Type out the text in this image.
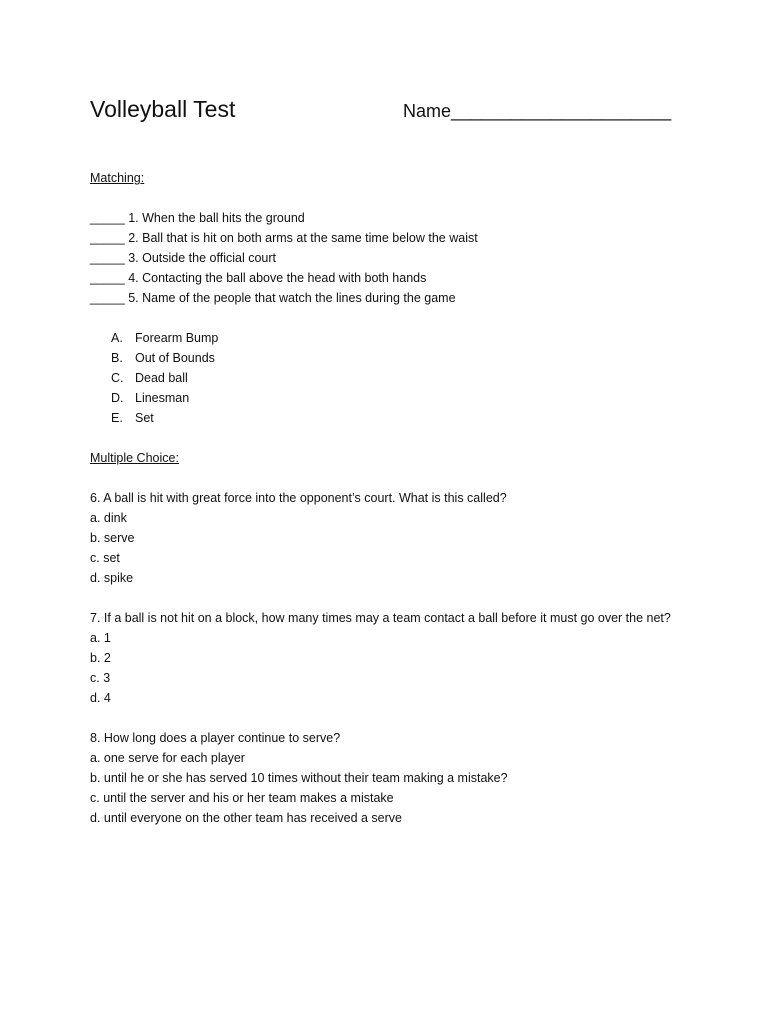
Volleyball Test	Name______________________
Matching:
_____ 1. When the ball hits the ground
_____ 2. Ball that is hit on both arms at the same time below the waist
_____ 3. Outside the official court
_____ 4. Contacting the ball above the head with both hands
_____ 5. Name of the people that watch the lines during the game
A. Forearm Bump
B. Out of Bounds
C. Dead ball
D. Linesman
E. Set
Multiple Choice:
6. A ball is hit with great force into the opponent’s court. What is this called?
a. dink
b. serve
c. set
d. spike
7. If a ball is not hit on a block, how many times may a team contact a ball before it must go over the net?
a. 1
b. 2
c. 3
d. 4
8. How long does a player continue to serve?
a. one serve for each player
b. until he or she has served 10 times without their team making a mistake?
c. until the server and his or her team makes a mistake
d. until everyone on the other team has received a serve
